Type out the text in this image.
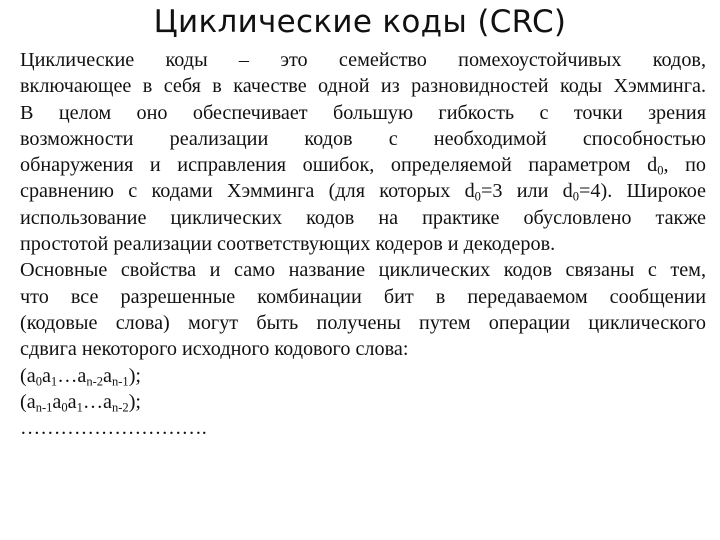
Циклические коды (CRC)
Циклические коды – это семейство помехоустойчивых кодов,
включающее в себя в качестве одной из разновидностей коды Хэмминга.
В целом оно обеспечивает большую гибкость с точки зрения
возможности реализации кодов с необходимой способностью
обнаружения и исправления ошибок, определяемой параметром $d_0$, по
сравнению с кодами Хэмминга (для которых $d_0=3$ или $d_0=4$). Широкое
использование циклических кодов на практике обусловлено также
простотой реализации соответствующих кодеров и декодеров.
Основные свойства и само название циклических кодов связаны с тем,
что все разрешенные комбинации бит в передаваемом сообщении
(кодовые слова) могут быть получены путем операции циклического
сдвига некоторого исходного кодового слова:
$(a_0a_1\dots a_{n-2}a_{n-1})$;
$(a_{n-1}a_0a_1\dots a_{n-2})$;
……………………….
